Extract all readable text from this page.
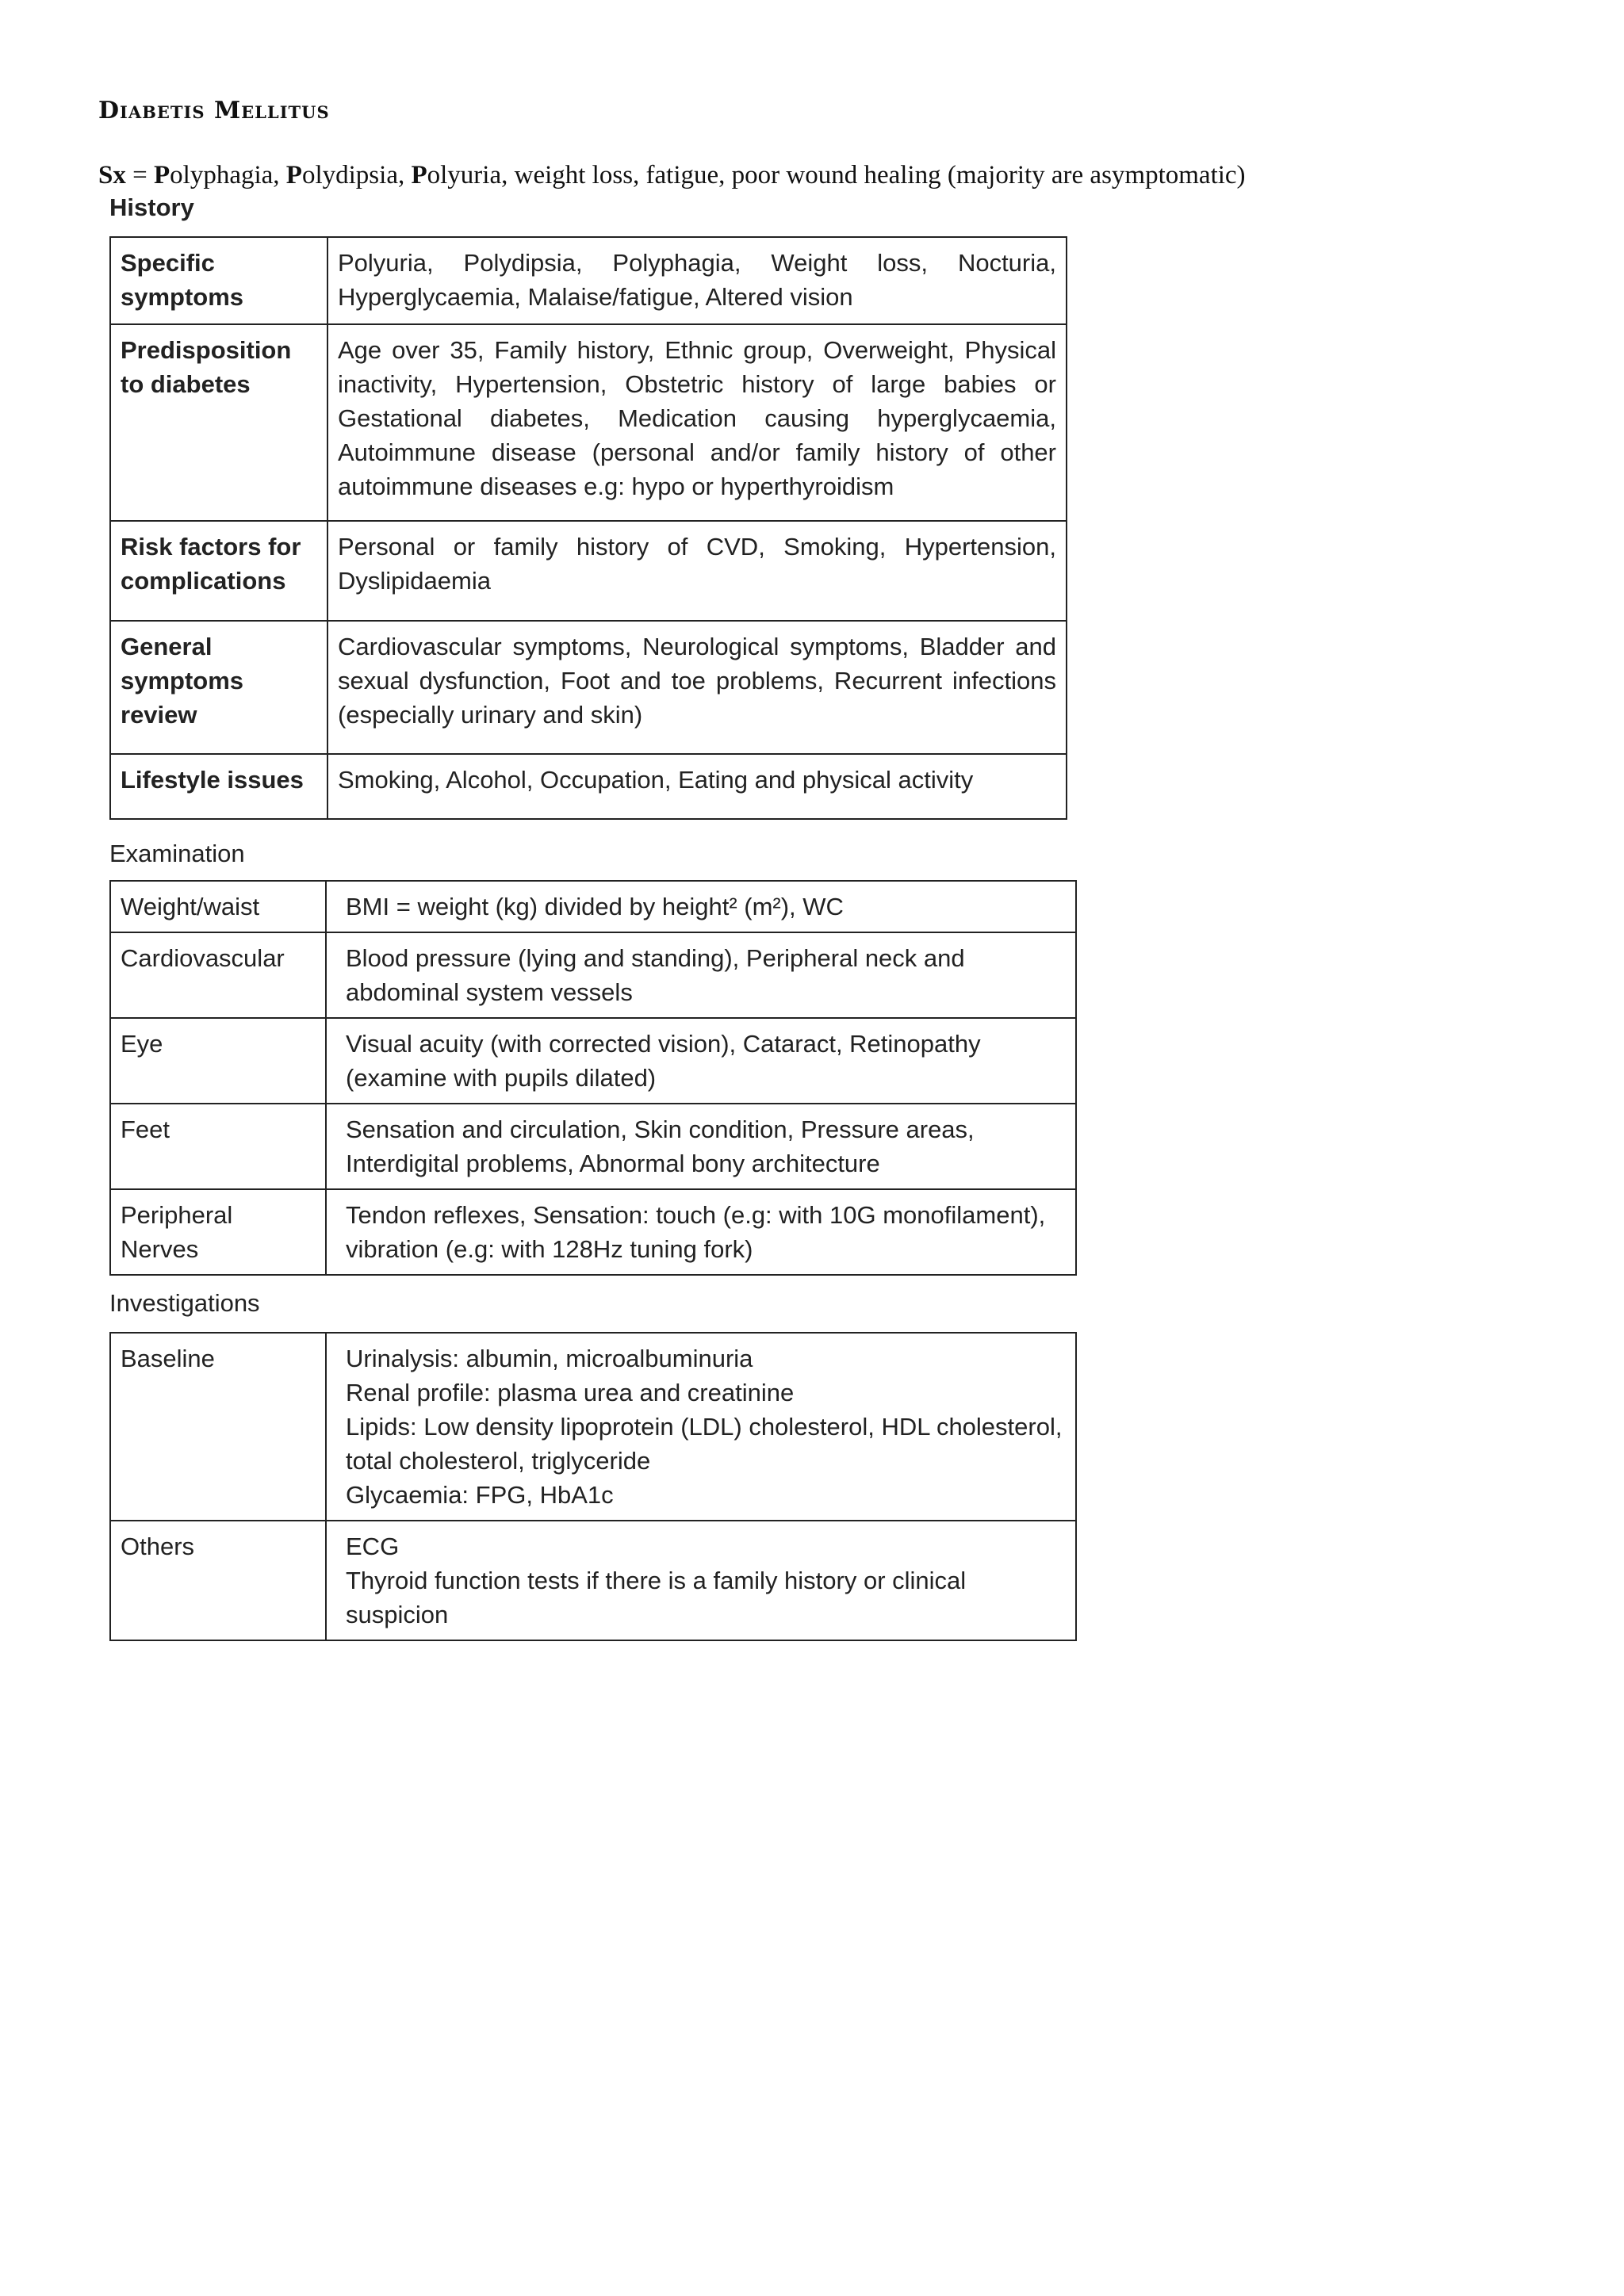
Diabetis Mellitus
Sx = Polyphagia, Polydipsia, Polyuria, weight loss, fatigue, poor wound healing (majority are asymptomatic)
History
Specific symptoms	Polyuria, Polydipsia, Polyphagia, Weight loss, Nocturia, Hyperglycaemia, Malaise/fatigue, Altered vision
Predisposition to diabetes	Age over 35, Family history, Ethnic group, Overweight, Physical inactivity, Hypertension, Obstetric history of large babies or Gestational diabetes, Medication causing hyperglycaemia, Autoimmune disease (personal and/or family history of other autoimmune diseases e.g: hypo or hyperthyroidism
Risk factors for complications	Personal or family history of CVD, Smoking, Hypertension, Dyslipidaemia
General symptoms review	Cardiovascular symptoms, Neurological symptoms, Bladder and sexual dysfunction, Foot and toe problems, Recurrent infections (especially urinary and skin)
Lifestyle issues	Smoking, Alcohol, Occupation, Eating and physical activity
Examination
Weight/waist	BMI = weight (kg) divided by height² (m²), WC

Cardiovascular	Blood pressure (lying and standing), Peripheral neck and
abdominal system vessels

Eye	Visual acuity (with corrected vision), Cataract, Retinopathy
(examine with pupils dilated)

Feet	Sensation and circulation, Skin condition, Pressure areas,
Interdigital problems, Abnormal bony architecture

Peripheral Nerves	Tendon reflexes, Sensation: touch (e.g: with 10G monofilament),
vibration (e.g: with 128Hz tuning fork)
Investigations
Baseline	Urinalysis: albumin, microalbuminuria
Renal profile: plasma urea and creatinine
Lipids: Low density lipoprotein (LDL) cholesterol, HDL cholesterol,
total cholesterol, triglyceride
Glycaemia: FPG, HbA1c

Others	ECG
Thyroid function tests if there is a family history or clinical
suspicion
